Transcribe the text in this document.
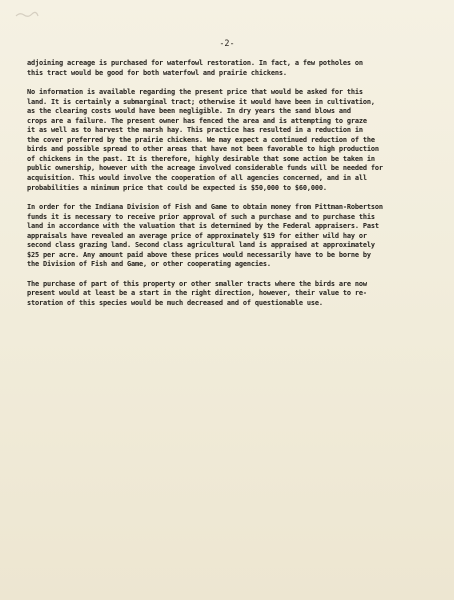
-2-
adjoining acreage is purchased for waterfowl restoration. In fact, a few potholes on
this tract would be good for both waterfowl and prairie chickens.
No information is available regarding the present price that would be asked for this
land. It is certainly a submarginal tract; otherwise it would have been in cultivation,
as the clearing costs would have been negligible. In dry years the sand blows and
crops are a failure. The present owner has fenced the area and is attempting to graze
it as well as to harvest the marsh hay. This practice has resulted in a reduction in
the cover preferred by the prairie chickens. We may expect a continued reduction of the
birds and possible spread to other areas that have not been favorable to high production
of chickens in the past. It is therefore, highly desirable that some action be taken in
public ownership, however with the acreage involved considerable funds will be needed for
acquisition. This would involve the cooperation of all agencies concerned, and in all
probabilities a minimum price that could be expected is $50,000 to $60,000.
In order for the Indiana Division of Fish and Game to obtain money from Pittman-Robertson
funds it is necessary to receive prior approval of such a purchase and to purchase this
land in accordance with the valuation that is determined by the Federal appraisers. Past
appraisals have revealed an average price of approximately $19 for either wild hay or
second class grazing land. Second class agricultural land is appraised at approximately
$25 per acre. Any amount paid above these prices would necessarily have to be borne by
the Division of Fish and Game, or other cooperating agencies.
The purchase of part of this property or other smaller tracts where the birds are now
present would at least be a start in the right direction, however, their value to re-
storation of this species would be much decreased and of questionable use.
